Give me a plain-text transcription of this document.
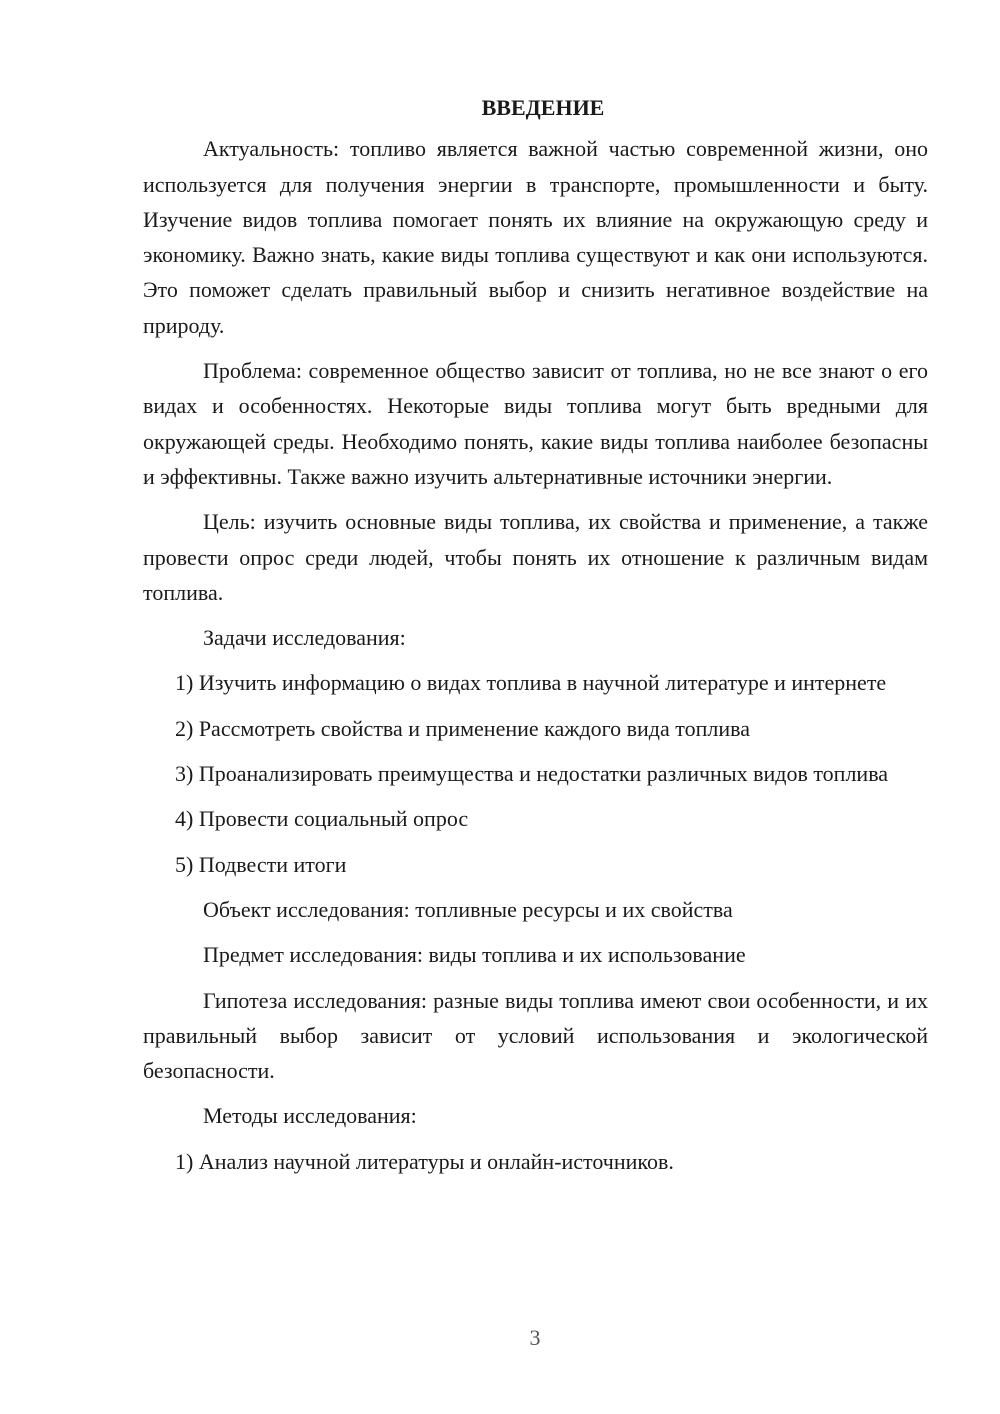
ВВЕДЕНИЕ

Актуальность: топливо является важной частью современной жизни, оно используется для получения энергии в транспорте, промышленности и быту. Изучение видов топлива помогает понять их влияние на окружающую среду и экономику. Важно знать, какие виды топлива существуют и как они используются. Это поможет сделать правильный выбор и снизить негативное воздействие на природу.

Проблема: современное общество зависит от топлива, но не все знают о его видах и особенностях. Некоторые виды топлива могут быть вредными для окружающей среды. Необходимо понять, какие виды топлива наиболее безопасны и эффективны. Также важно изучить альтернативные источники энергии.

Цель: изучить основные виды топлива, их свойства и применение, а также провести опрос среди людей, чтобы понять их отношение к различным видам топлива.

Задачи исследования:

1) Изучить информацию о видах топлива в научной литературе и интернете

2) Рассмотреть свойства и применение каждого вида топлива

3) Проанализировать преимущества и недостатки различных видов топлива

4) Провести социальный опрос

5) Подвести итоги

Объект исследования: топливные ресурсы и их свойства

Предмет исследования: виды топлива и их использование

Гипотеза исследования: разные виды топлива имеют свои особенности, и их правильный выбор зависит от условий использования и экологической безопасности.

Методы исследования:

1) Анализ научной литературы и онлайн-источников.

3
